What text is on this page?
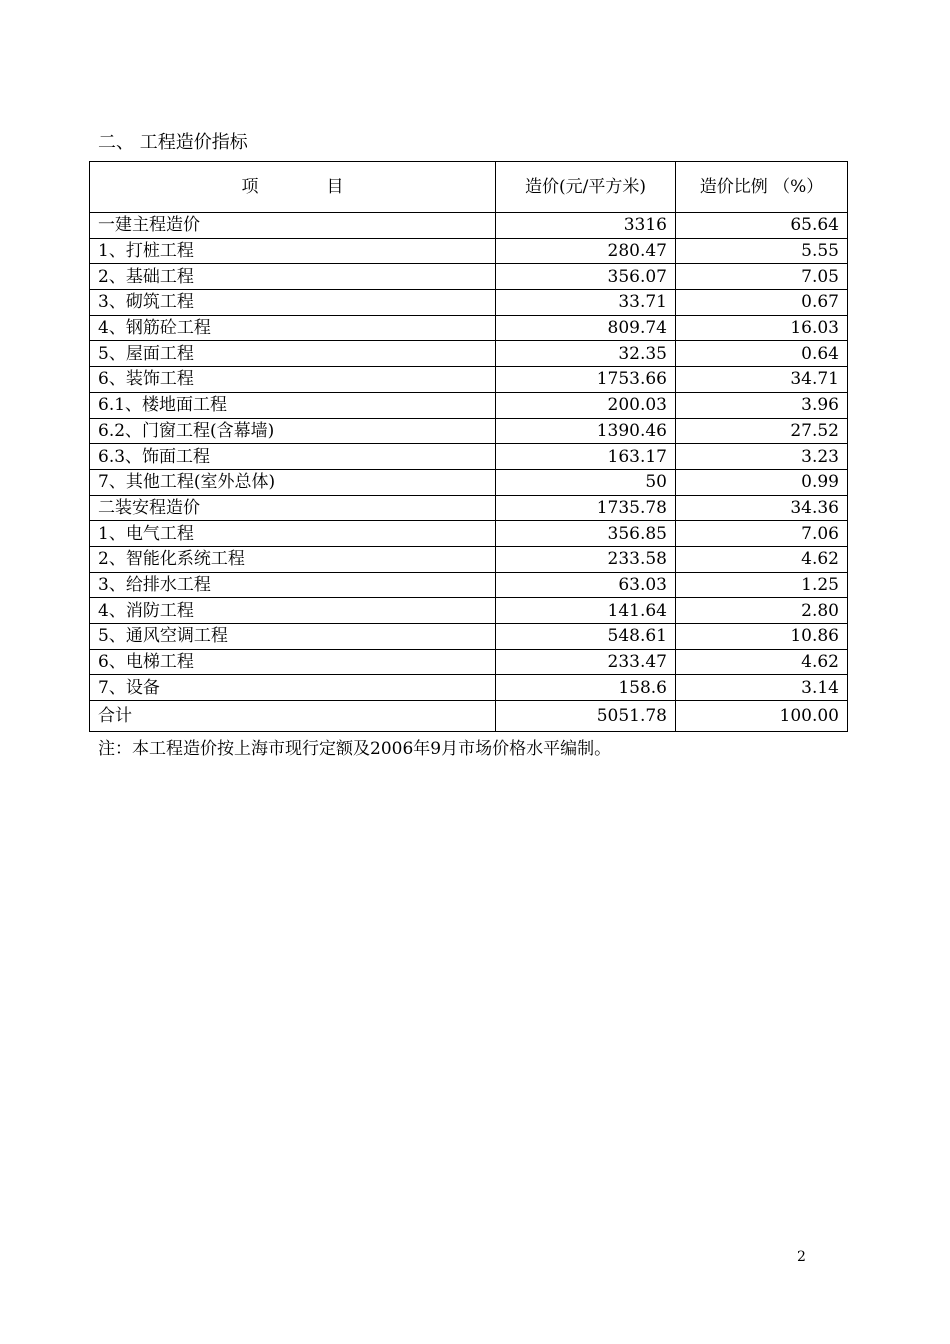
二、 工程造价指标
项　　　　目	造价(元/平方米)	造价比例 （%）
一建主程造价	3316	65.64
1、打桩工程	280.47	5.55
2、基础工程	356.07	7.05
3、砌筑工程	33.71	0.67
4、钢筋砼工程	809.74	16.03
5、屋面工程	32.35	0.64
6、装饰工程	1753.66	34.71
6.1、楼地面工程	200.03	3.96
6.2、门窗工程(含幕墙)	1390.46	27.52
6.3、饰面工程	163.17	3.23
7、其他工程(室外总体)	50	0.99
二装安程造价	1735.78	34.36
1、电气工程	356.85	7.06
2、智能化系统工程	233.58	4.62
3、给排水工程	63.03	1.25
4、消防工程	141.64	2.80
5、通风空调工程	548.61	10.86
6、电梯工程	233.47	4.62
7、设备	158.6	3.14
合计	5051.78	100.00
注：本工程造价按上海市现行定额及2006年9月市场价格水平编制。
2
